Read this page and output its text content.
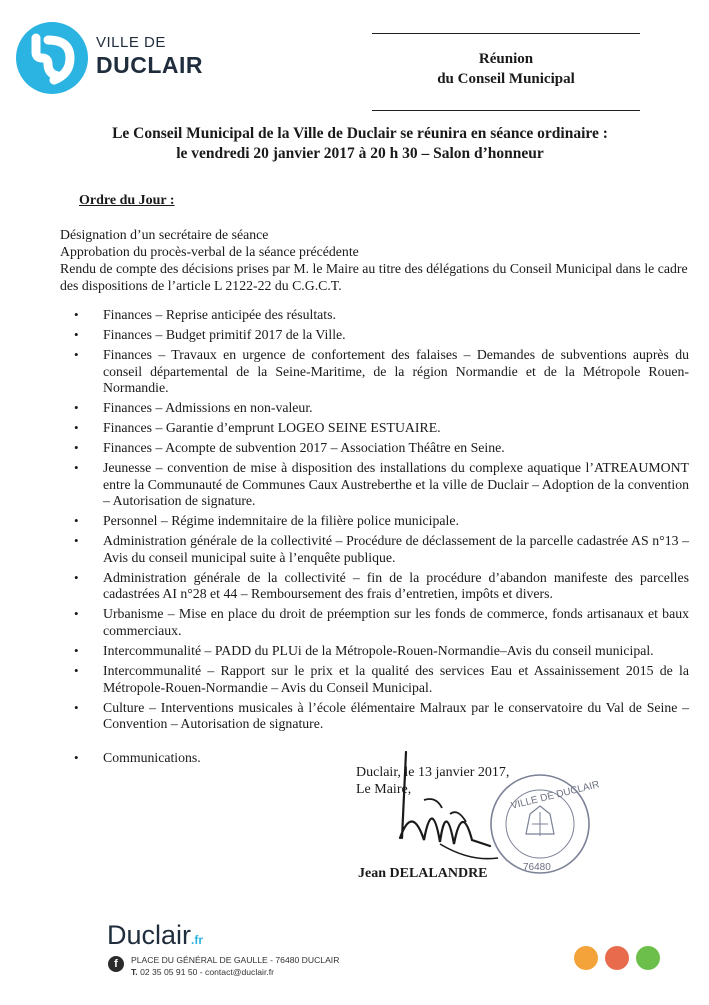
VILLE DE
DUCLAIR	Réunion
du Conseil Municipal
Le Conseil Municipal de la Ville de Duclair se réunira en séance ordinaire :
le vendredi 20 janvier 2017 à 20 h 30 – Salon d’honneur
Ordre du Jour :

Désignation d’un secrétaire de séance

Approbation du procès-verbal de la séance précédente

Rendu de compte des décisions prises par M. le Maire au titre des délégations du Conseil Municipal dans le cadre des dispositions de l’article L 2122-22 du C.G.C.T.

• Finances – Reprise anticipée des résultats.
• Finances – Budget primitif 2017 de la Ville.
• Finances – Travaux en urgence de confortement des falaises – Demandes de subventions auprès du conseil départemental de la Seine-Maritime, de la région Normandie et de la Métropole Rouen-Normandie.
• Finances – Admissions en non-valeur.
• Finances – Garantie d’emprunt LOGEO SEINE ESTUAIRE.
• Finances – Acompte de subvention 2017 – Association Théâtre en Seine.
• Jeunesse – convention de mise à disposition des installations du complexe aquatique l’ATREAUMONT entre la Communauté de Communes Caux Austreberthe et la ville de Duclair – Adoption de la convention – Autorisation de signature.
• Personnel – Régime indemnitaire de la filière police municipale.
• Administration générale de la collectivité – Procédure de déclassement de la parcelle cadastrée AS n°13 – Avis du conseil municipal suite à l’enquête publique.
• Administration générale de la collectivité – fin de la procédure d’abandon manifeste des parcelles cadastrées AI n°28 et 44 – Remboursement des frais d’entretien, impôts et divers.
• Urbanisme – Mise en place du droit de préemption sur les fonds de commerce, fonds artisanaux et baux commerciaux.
• Intercommunalité – PADD du PLUi de la Métropole-Rouen-Normandie–Avis du conseil municipal.
• Intercommunalité – Rapport sur le prix et la qualité des services Eau et Assainissement 2015 de la Métropole-Rouen-Normandie – Avis du Conseil Municipal.
• Culture – Interventions musicales à l’école élémentaire Malraux par le conservatoire du Val de Seine – Convention – Autorisation de signature.
• Communications.
Duclair, le 13 janvier 2017,
Le Maire,	VILLE DE DUCLAIR
76480
Jean DELALANDRE
Duclair.fr
f	PLACE DU GÉNÉRAL DE GAULLE - 76480 DUCLAIR
T. 02 35 05 91 50 - contact@duclair.fr
